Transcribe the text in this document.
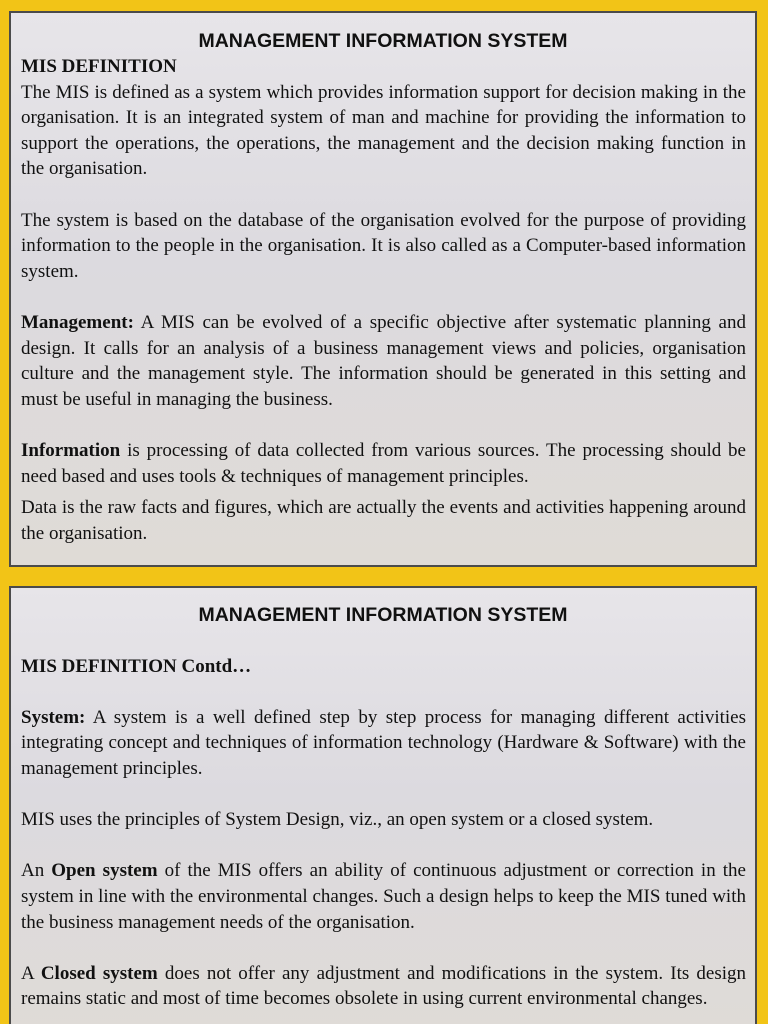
MANAGEMENT INFORMATION SYSTEM

MIS DEFINITION

The MIS is defined as a system which provides information support for decision making in the organisation. It is an integrated system of man and machine for providing the information to support the operations, the operations, the management and the decision making function in the organisation.

The system is based on the database of the organisation evolved for the purpose of providing information to the people in the organisation. It is also called as a Computer-based information system.

Management: A MIS can be evolved of a specific objective after systematic planning and design. It calls for an analysis of a business management views and policies, organisation culture and the management style. The information should be generated in this setting and must be useful in managing the business.

Information is processing of data collected from various sources. The processing should be need based and uses tools & techniques of management principles.

Data is the raw facts and figures, which are actually the events and activities happening around the organisation.

MANAGEMENT INFORMATION SYSTEM

MIS DEFINITION Contd…

System: A system is a well defined step by step process for managing different activities integrating concept and techniques of information technology (Hardware & Software) with the management principles.

MIS uses the principles of System Design, viz., an open system or a closed system.

An Open system of the MIS offers an ability of continuous adjustment or correction in the system in line with the environmental changes. Such a design helps to keep the MIS tuned with the business management needs of the organisation.

A Closed system does not offer any adjustment and modifications in the system. Its design remains static and most of time becomes obsolete in using current environmental changes.
